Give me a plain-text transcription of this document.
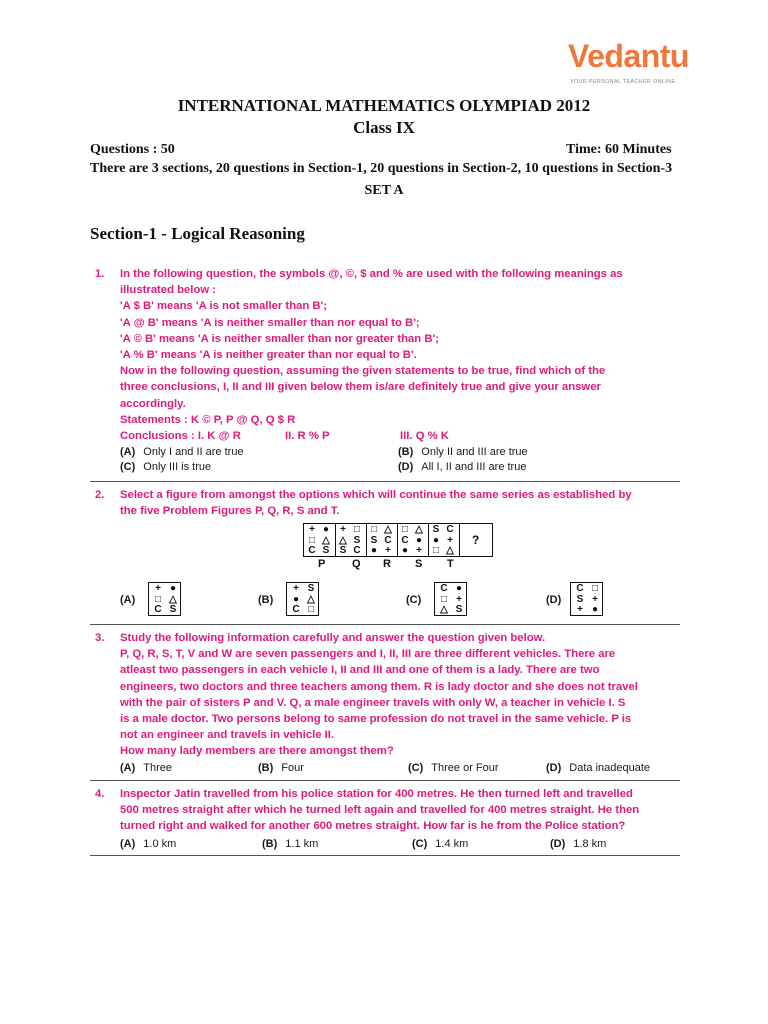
Vedantu
YOUR PERSONAL TEACHER ONLINE
INTERNATIONAL MATHEMATICS OLYMPIAD 2012
Class IX
Questions : 50	Time: 60 Minutes
There are 3 sections, 20 questions in Section-1, 20 questions in Section-2, 10 questions in Section-3
SET A
Section-1 - Logical Reasoning
1. In the following question, the symbols @, ©, $ and % are used with the following meanings as
illustrated below :
'A $ B' means 'A is not smaller than B';
'A @ B' means 'A is neither smaller than nor equal to B';
'A © B' means 'A is neither smaller than nor greater than B';
'A % B' means 'A is neither greater than nor equal to B'.
Now in the following question, assuming the given statements to be true, find which of the
three conclusions, I, II and III given below them is/are definitely true and give your answer
accordingly.
Statements : K © P, P @ Q, Q $ R
Conclusions : I. K @ R	II. R % P	III. Q % K
(A) Only I and II are true	(B) Only II and III are true
(C) Only III is true	(D) All I, II and III are true
2. Select a figure from amongst the options which will continue the same series as established by
the five Problem Figures P, Q, R, S and T.
+ ●
□ △
C S
+ □
△ S
S C
□ △
S C
● +
□ △
C ●
● +
S C
● +
□ △
?
3. Study the following information carefully and answer the question given below.
P, Q, R, S, T, V and W are seven passengers and I, II, III are three different vehicles. There are
atleast two passengers in each vehicle I, II and III and one of them is a lady. There are two
engineers, two doctors and three teachers among them. R is lady doctor and she does not travel
with the pair of sisters P and V. Q, a male engineer travels with only W, a teacher in vehicle I. S
is a male doctor. Two persons belong to same profession do not travel in the same vehicle. P is
not an engineer and travels in vehicle II.
How many lady members are there amongst them?
(A) Three	(B) Four	(C) Three or Four	(D) Data inadequate
4. Inspector Jatin travelled from his police station for 400 metres. He then turned left and travelled
500 metres straight after which he turned left again and travelled for 400 metres straight. He then
turned right and walked for another 600 metres straight. How far is he from the Police station?
(A) 1.0 km	(B) 1.1 km	(C) 1.4 km	(D) 1.8 km
P Q R S T
(A)
+ ●
□ △
C S
(B)
+ S
● △
C □
(C)
C ●
□ +
△ S
(D)
C □
S +
+ ●
